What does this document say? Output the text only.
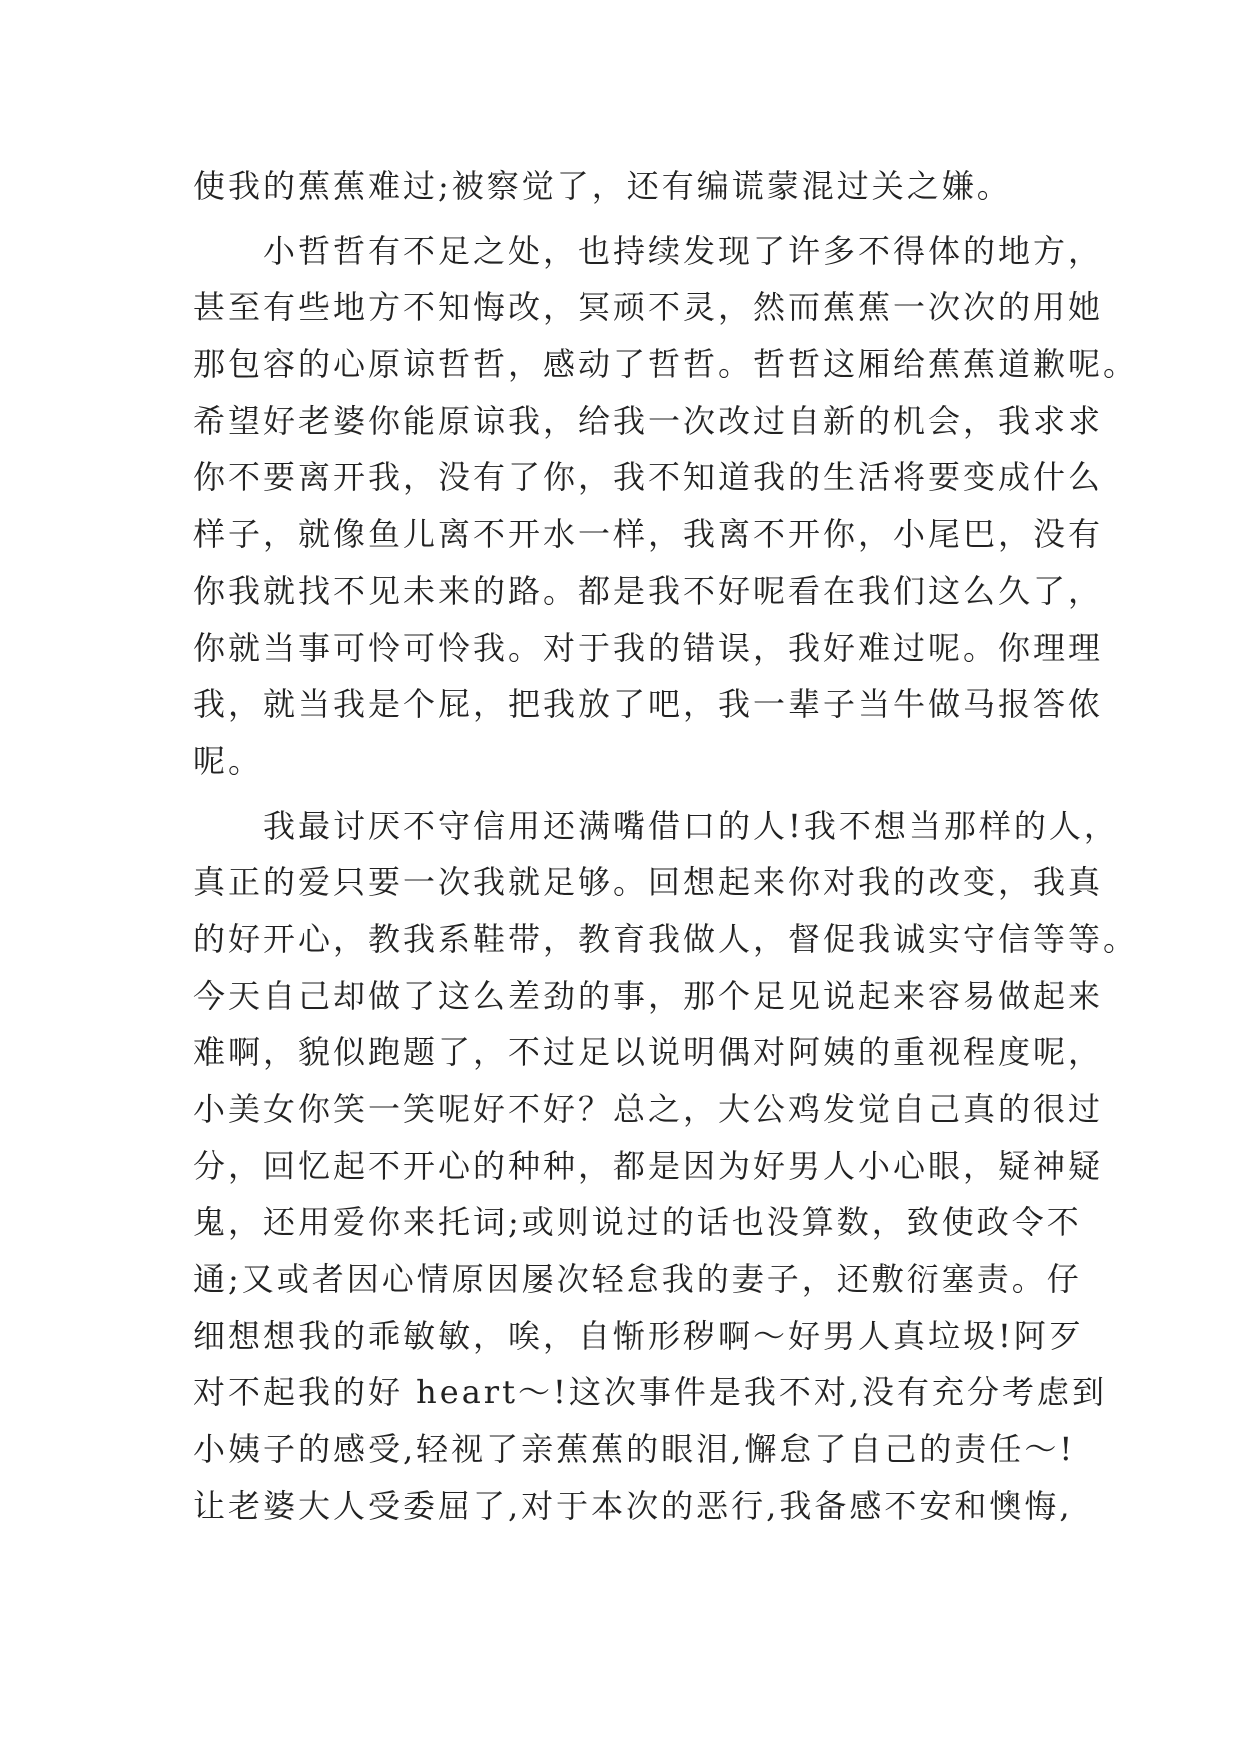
使我的蕉蕉难过;被察觉了，还有编谎蒙混过关之嫌。
　　小哲哲有不足之处，也持续发现了许多不得体的地方，
甚至有些地方不知悔改，冥顽不灵，然而蕉蕉一次次的用她
那包容的心原谅哲哲，感动了哲哲。哲哲这厢给蕉蕉道歉呢。
希望好老婆你能原谅我，给我一次改过自新的机会，我求求
你不要离开我，没有了你，我不知道我的生活将要变成什么
样子，就像鱼儿离不开水一样，我离不开你，小尾巴，没有
你我就找不见未来的路。都是我不好呢看在我们这么久了，
你就当事可怜可怜我。对于我的错误，我好难过呢。你理理
我，就当我是个屁，把我放了吧，我一辈子当牛做马报答侬
呢。
　　我最讨厌不守信用还满嘴借口的人!我不想当那样的人，
真正的爱只要一次我就足够。回想起来你对我的改变，我真
的好开心，教我系鞋带，教育我做人，督促我诚实守信等等。
今天自己却做了这么差劲的事，那个足见说起来容易做起来
难啊，貌似跑题了，不过足以说明偶对阿姨的重视程度呢，
小美女你笑一笑呢好不好？总之，大公鸡发觉自己真的很过
分，回忆起不开心的种种，都是因为好男人小心眼，疑神疑
鬼，还用爱你来托词;或则说过的话也没算数，致使政令不
通;又或者因心情原因屡次轻怠我的妻子，还敷衍塞责。仔
细想想我的乖敏敏，唉，自惭形秽啊～好男人真垃圾!阿歹
对不起我的好 heart～!这次事件是我不对,没有充分考虑到
小姨子的感受,轻视了亲蕉蕉的眼泪,懈怠了自己的责任～!
让老婆大人受委屈了,对于本次的恶行,我备感不安和懊悔,
